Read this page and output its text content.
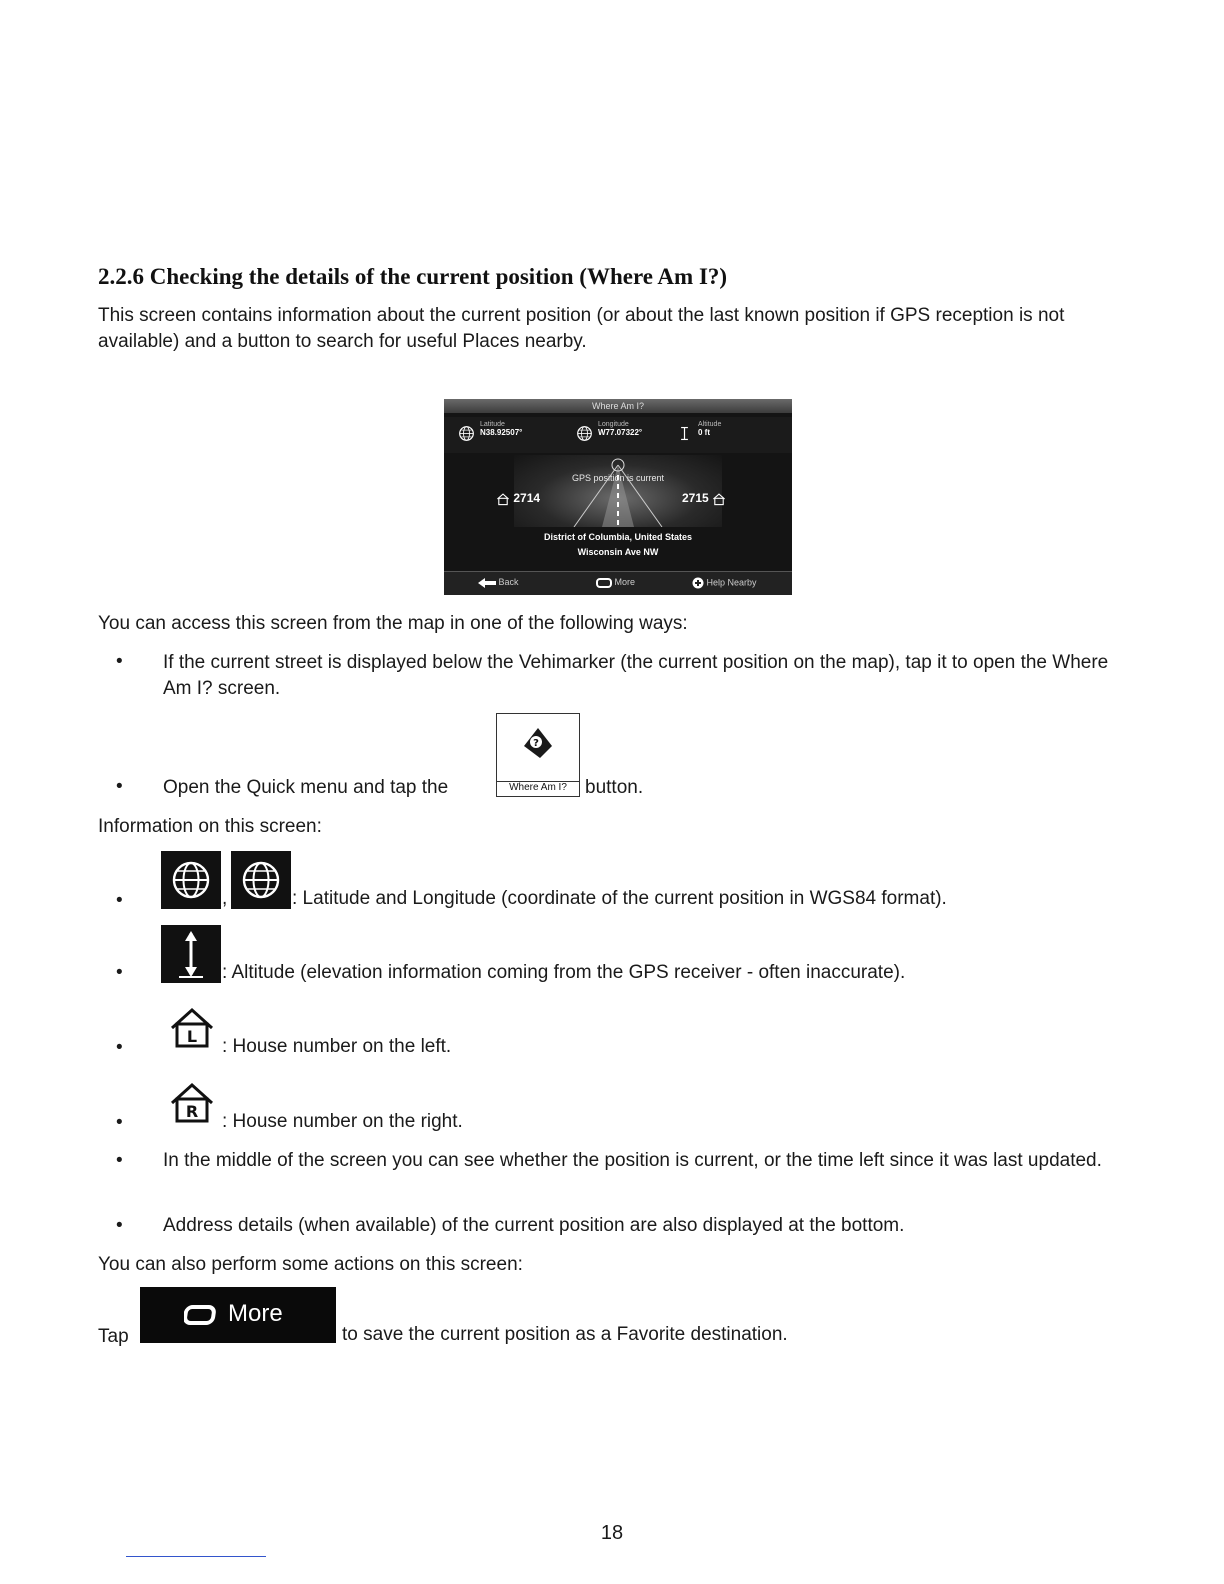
2.2.6 Checking the details of the current position (Where Am I?)
This screen contains information about the current position (or about the last known position if GPS reception is not available) and a button to search for useful Places nearby.
Where Am I?
Latitude
N38.92507°
Longitude
W77.07322°
Altitude
0 ft
GPS position is current
2714	2715
District of Columbia, United States
Wisconsin Ave NW
Back	More	Help Nearby
You can access this screen from the map in one of the following ways:
• If the current street is displayed below the Vehimarker (the current position on the map), tap it to open the Where Am I? screen.
• Open the Quick menu and tap the
?
Where Am I? button.
Information on this screen:
•	,	: Latitude and Longitude (coordinate of the current position in WGS84 format).
•	: Altitude (elevation information coming from the GPS receiver - often inaccurate).
•
L : House number on the left.
•
R : House number on the right.
• In the middle of the screen you can see whether the position is current, or the time left since it was last updated.
• Address details (when available) of the current position are also displayed at the bottom.
You can also perform some actions on this screen:
Tap
More
to save the current position as a Favorite destination.
18
